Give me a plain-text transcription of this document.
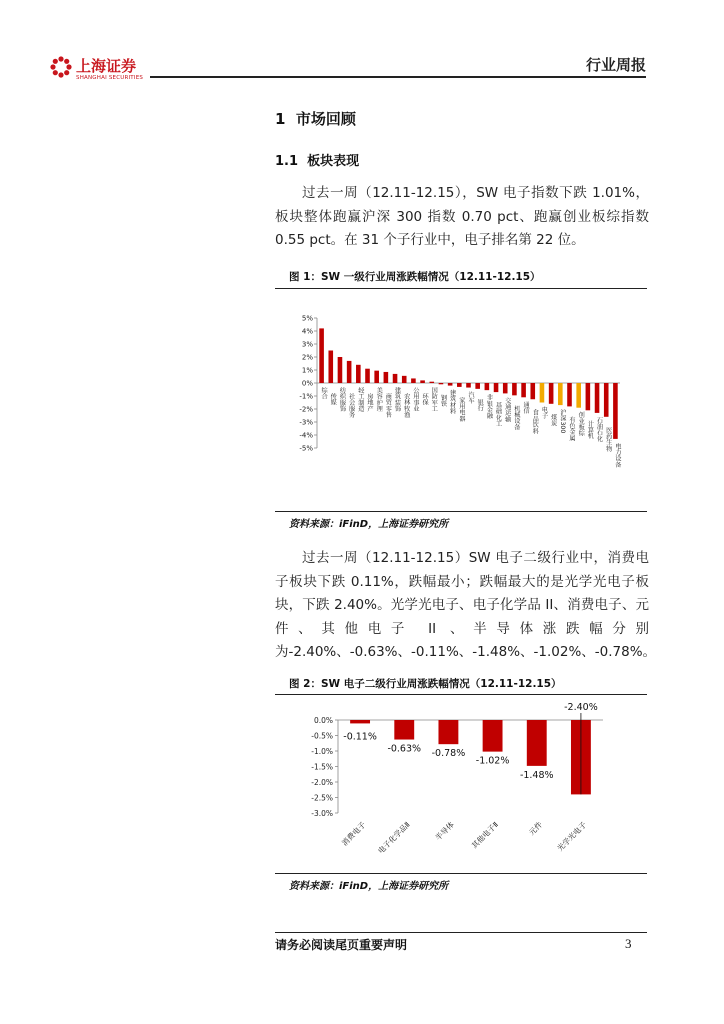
上海证券
SHANGHAI SECURITIES
行业周报
1 市场回顾
1.1 板块表现
过去一周（12.11-12.15），SW 电子指数下跌 1.01%，板块整体跑赢沪深 300 指数 0.70 pct、跑赢创业板综指数 0.55 pct。在 31 个子行业中，电子排名第 22 位。
图 1：SW 一级行业周涨跌幅情况（12.11-12.15）
5%
4%
3%
2%
1%
0%
-1%
-2%
-3%
-4%
-5%
综合 传媒 纺织服饰 社会服务 轻工制造 房地产 美容护理 商贸零售 建筑装饰 农林牧渔 公用事业 环保 国防军工 钢铁 建筑材料 家用电器 汽车
银行 非银金融 基础化工 交通运输 机械设备 通信
食品饮料 电子
煤炭 沪深300 有色金属 创业板综 计算机 石油石化 医药生物
电力设备
资料来源：iFinD，上海证券研究所
过去一周（12.11-12.15）SW 电子二级行业中，消费电子板块下跌 0.11%，跌幅最小；跌幅最大的是光学光电子板块，下跌 2.40%。光学光电子、电子化学品 II、消费电子、元件、其他电子 II 、半导体涨跌幅分别为-2.40%、-0.63%、-0.11%、-1.48%、-1.02%、-0.78%。
图 2：SW 电子二级行业周涨跌幅情况（12.11-12.15）
0.0%
-0.5%
-1.0%
-1.5%
-2.0%
-2.5%
-3.0%
-0.11%
消费电子
-0.63%
电子化学品Ⅱ
-0.78%
半导体
-1.02%
其他电子Ⅱ
-1.48%
元件
-2.40%
光学光电子
资料来源：iFinD，上海证券研究所
请务必阅读尾页重要声明	3
